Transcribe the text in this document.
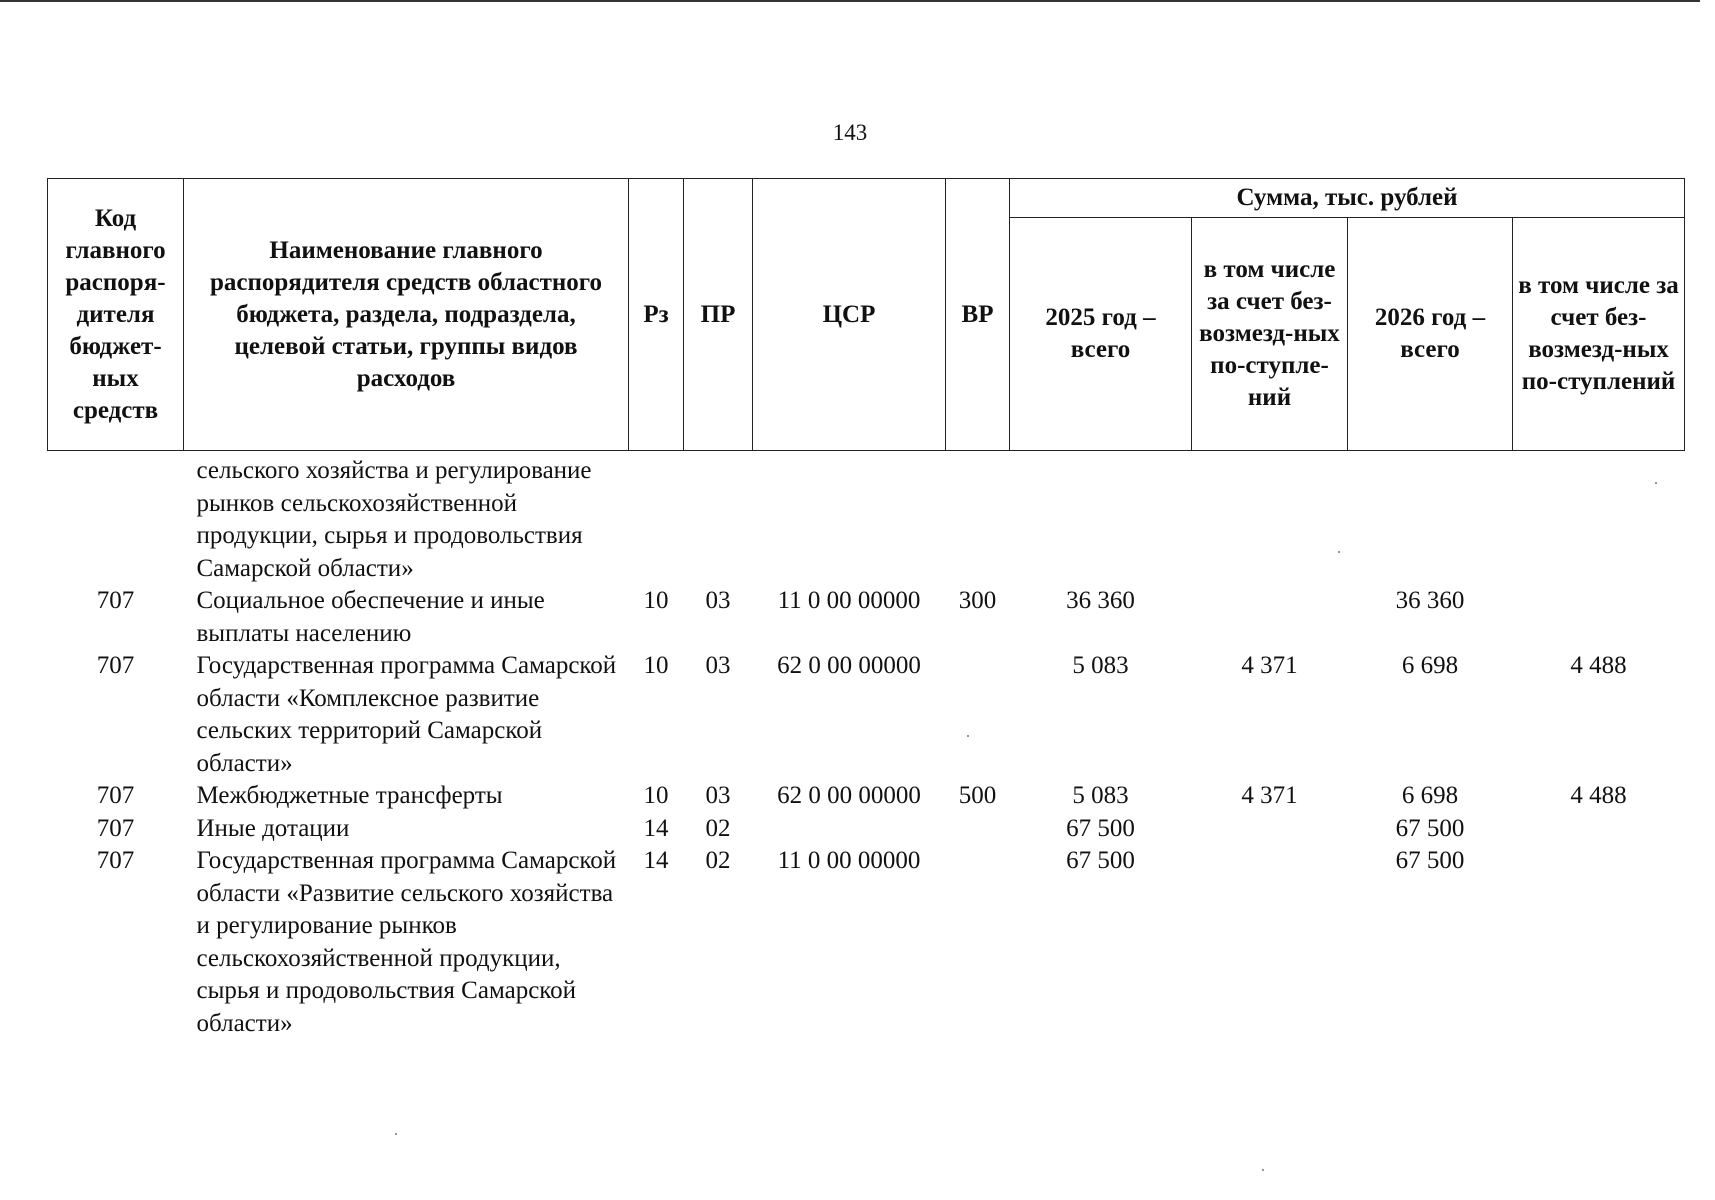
143
Код главного распоря-дителя бюджет-ных средств	Наименование главного распорядителя средств областного бюджета, раздела, подраздела, целевой статьи, группы видов расходов	Рз	ПР	ЦСР	ВР	Сумма, тыс. рублей			
						2025 год – всего	в том числе за счет без-возмезд-ных по-ступле-ний	2026 год – всего	в том числе за счет без-возмезд-ных по-ступлений
	сельского хозяйства и регулирование рынков сельскохозяйственной продукции, сырья и продовольствия Самарской области»								
707	Социальное обеспечение и иные выплаты населению	10	03	11 0 00 00000	300	36 360		36 360	
707	Государственная программа Самарской области «Комплексное развитие сельских территорий Самарской области»	10	03	62 0 00 00000		5 083	4 371	6 698	4 488
707	Межбюджетные трансферты	10	03	62 0 00 00000	500	5 083	4 371	6 698	4 488
707	Иные дотации	14	02			67 500		67 500	
707	Государственная программа Самарской области «Развитие сельского хозяйства и регулирование рынков сельскохозяйственной продукции, сырья и продовольствия Самарской области»	14	02	11 0 00 00000		67 500		67 500	
